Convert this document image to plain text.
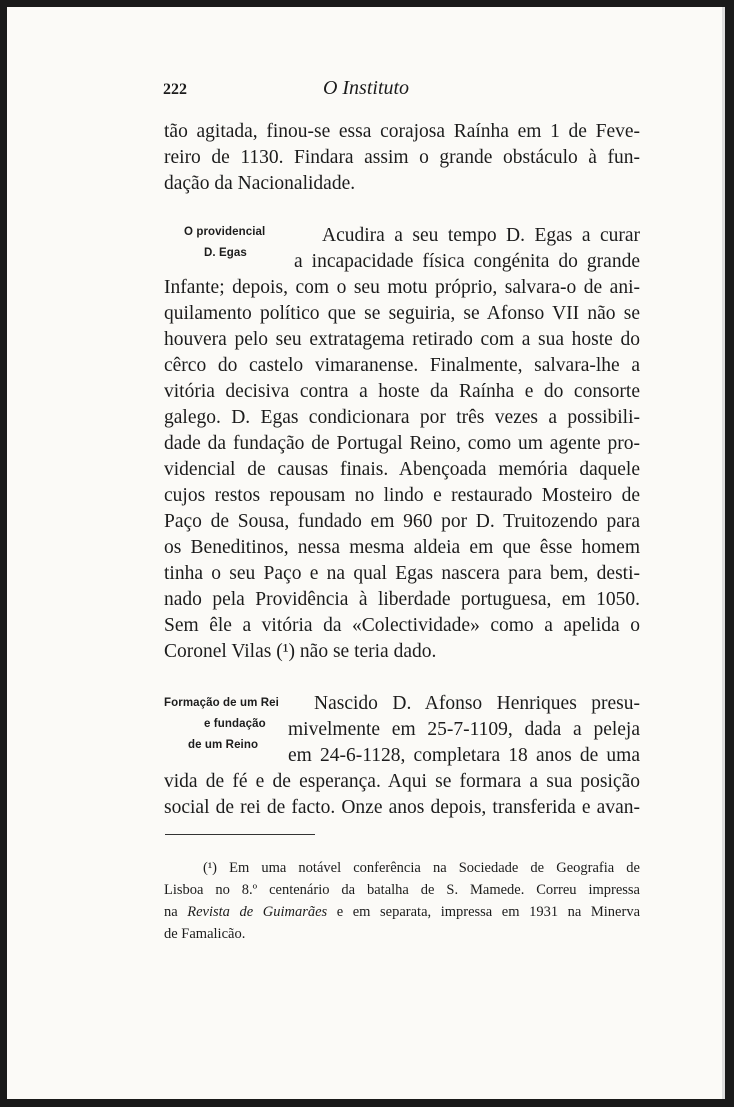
222	O Instituto
tão agitada, finou-se essa corajosa Raínha em 1 de Feve-
reiro de 1130. Findara assim o grande obstáculo à fun-
dação da Nacionalidade.
O providencial
D. Egas
Acudira a seu tempo D. Egas a curar
a incapacidade física congénita do grande
Infante; depois, com o seu motu próprio, salvara-o de ani-
quilamento político que se seguiria, se Afonso VII não se
houvera pelo seu extratagema retirado com a sua hoste do
cêrco do castelo vimaranense. Finalmente, salvara-lhe a
vitória decisiva contra a hoste da Raínha e do consorte
galego. D. Egas condicionara por três vezes a possibili-
dade da fundação de Portugal Reino, como um agente pro-
videncial de causas finais. Abençoada memória daquele
cujos restos repousam no lindo e restaurado Mosteiro de
Paço de Sousa, fundado em 960 por D. Truitozendo para
os Beneditinos, nessa mesma aldeia em que êsse homem
tinha o seu Paço e na qual Egas nascera para bem, desti-
nado pela Providência à liberdade portuguesa, em 1050.
Sem êle a vitória da «Colectividade» como a apelida o
Coronel Vilas (¹) não se teria dado.
Formação de um Rei
e fundação
de um Reino
Nascido D. Afonso Henriques presu-
mivelmente em 25-7-1109, dada a peleja
em 24-6-1128, completara 18 anos de uma
vida de fé e de esperança. Aqui se formara a sua posição
social de rei de facto. Onze anos depois, transferida e avan-
(¹) Em uma notável conferência na Sociedade de Geografia de
Lisboa no 8.º centenário da batalha de S. Mamede. Correu impressa
na Revista de Guimarães e em separata, impressa em 1931 na Minerva
de Famalicão.
